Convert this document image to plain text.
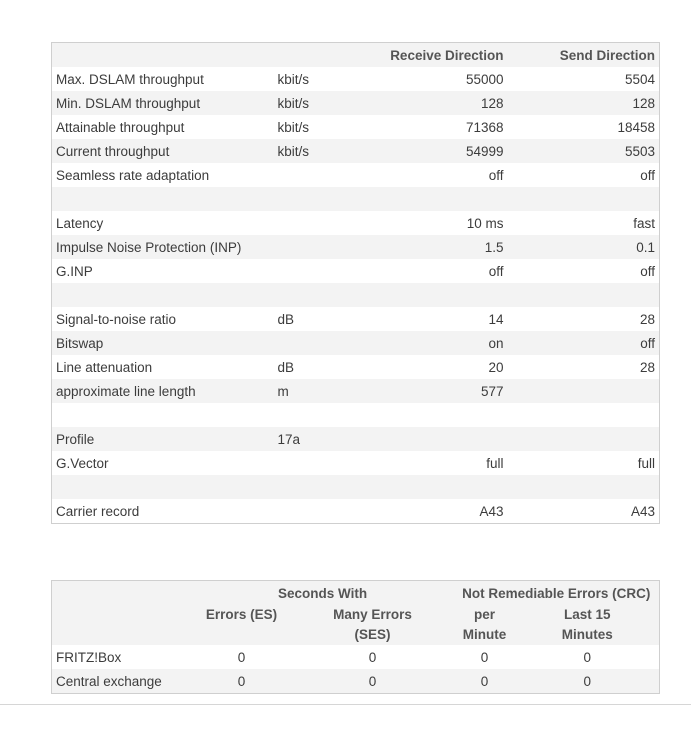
		Receive Direction	Send Direction
Max. DSLAM throughput	kbit/s	55000	5504
Min. DSLAM throughput	kbit/s	128	128
Attainable throughput	kbit/s	71368	18458
Current throughput	kbit/s	54999	5503
Seamless rate adaptation		off	off

Latency		10 ms	fast
Impulse Noise Protection (INP)		1.5	0.1
G.INP		off	off

Signal-to-noise ratio	dB	14	28
Bitswap		on	off
Line attenuation	dB	20	28
approximate line length	m	577	

Profile	17a		
G.Vector		full	full

Carrier record		A43	A43
	Seconds With		Not Remediable Errors (CRC)	
	Errors (ES)	Many Errors (SES)	per Minute	Last 15 Minutes
FRITZ!Box	0	0	0	0
Central exchange	0	0	0	0
